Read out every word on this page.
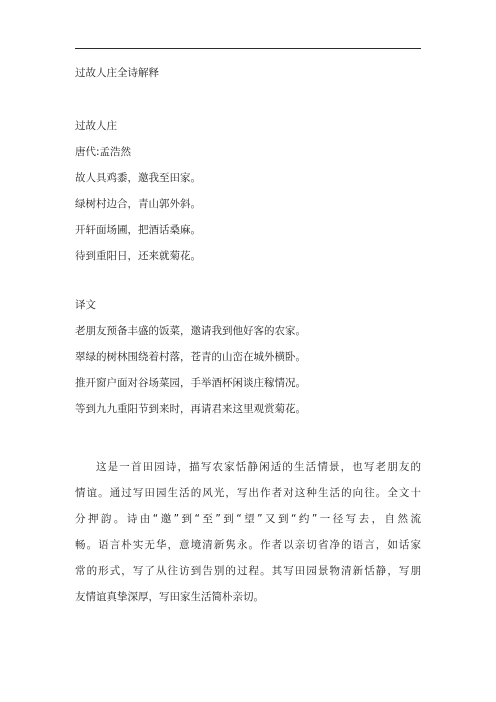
过故人庄全诗解释
过故人庄
唐代:孟浩然
故人具鸡黍，邀我至田家。
绿树村边合，青山郭外斜。
开轩面场圃，把酒话桑麻。
待到重阳日，还来就菊花。
译文
老朋友预备丰盛的饭菜，邀请我到他好客的农家。
翠绿的树林围绕着村落，苍青的山峦在城外横卧。
推开窗户面对谷场菜园，手举酒杯闲谈庄稼情况。
等到九九重阳节到来时，再请君来这里观赏菊花。
这是一首田园诗，描写农家恬静闲适的生活情景，也写老朋友的
情谊。通过写田园生活的风光，写出作者对这种生活的向往。全文十
分押韵。诗由“邀”到“至”到“望”又到“约”一径写去，自然流
畅。语言朴实无华，意境清新隽永。作者以亲切省净的语言，如话家
常的形式，写了从往访到告别的过程。其写田园景物清新恬静，写朋
友情谊真挚深厚，写田家生活简朴亲切。
